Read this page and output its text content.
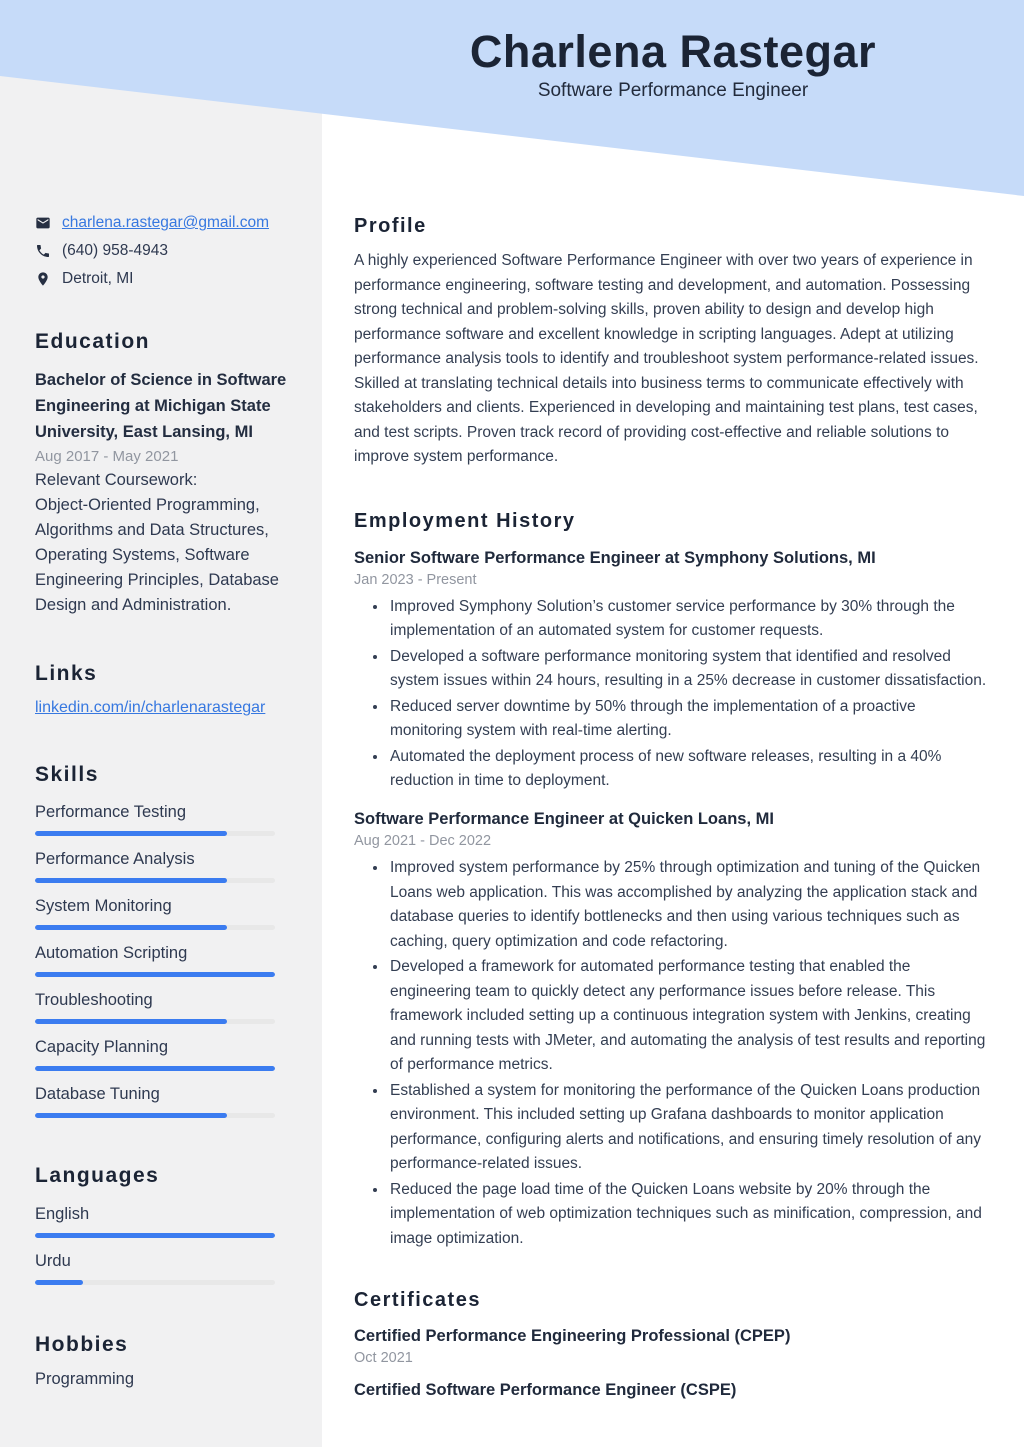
Charlena Rastegar
Software Performance Engineer
charlena.rastegar@gmail.com
(640) 958-4943
Detroit, MI
Education
Bachelor of Science in Software Engineering at Michigan State University, East Lansing, MI
Aug 2017 - May 2021
Relevant Coursework:
Object-Oriented Programming, Algorithms and Data Structures, Operating Systems, Software Engineering Principles, Database Design and Administration.
Links
linkedin.com/in/charlenarastegar
Skills
Performance Testing
Performance Analysis
System Monitoring
Automation Scripting
Troubleshooting
Capacity Planning
Database Tuning
Languages
English
Urdu
Hobbies
Programming
Profile

A highly experienced Software Performance Engineer with over two years of experience in performance engineering, software testing and development, and automation. Possessing strong technical and problem-solving skills, proven ability to design and develop high performance software and excellent knowledge in scripting languages. Adept at utilizing performance analysis tools to identify and troubleshoot system performance-related issues. Skilled at translating technical details into business terms to communicate effectively with stakeholders and clients. Experienced in developing and maintaining test plans, test cases, and test scripts. Proven track record of providing cost-effective and reliable solutions to improve system performance.

Employment History
Senior Software Performance Engineer at Symphony Solutions, MI
Jan 2023 - Present
• Improved Symphony Solution’s customer service performance by 30% through the implementation of an automated system for customer requests.
• Developed a software performance monitoring system that identified and resolved system issues within 24 hours, resulting in a 25% decrease in customer dissatisfaction.
• Reduced server downtime by 50% through the implementation of a proactive monitoring system with real-time alerting.
• Automated the deployment process of new software releases, resulting in a 40% reduction in time to deployment.
Software Performance Engineer at Quicken Loans, MI
Aug 2021 - Dec 2022
• Improved system performance by 25% through optimization and tuning of the Quicken Loans web application. This was accomplished by analyzing the application stack and database queries to identify bottlenecks and then using various techniques such as caching, query optimization and code refactoring.
• Developed a framework for automated performance testing that enabled the engineering team to quickly detect any performance issues before release. This framework included setting up a continuous integration system with Jenkins, creating and running tests with JMeter, and automating the analysis of test results and reporting of performance metrics.
• Established a system for monitoring the performance of the Quicken Loans production environment. This included setting up Grafana dashboards to monitor application performance, configuring alerts and notifications, and ensuring timely resolution of any performance-related issues.
• Reduced the page load time of the Quicken Loans website by 20% through the implementation of web optimization techniques such as minification, compression, and image optimization.
Certificates
Certified Performance Engineering Professional (CPEP)
Oct 2021
Certified Software Performance Engineer (CSPE)
